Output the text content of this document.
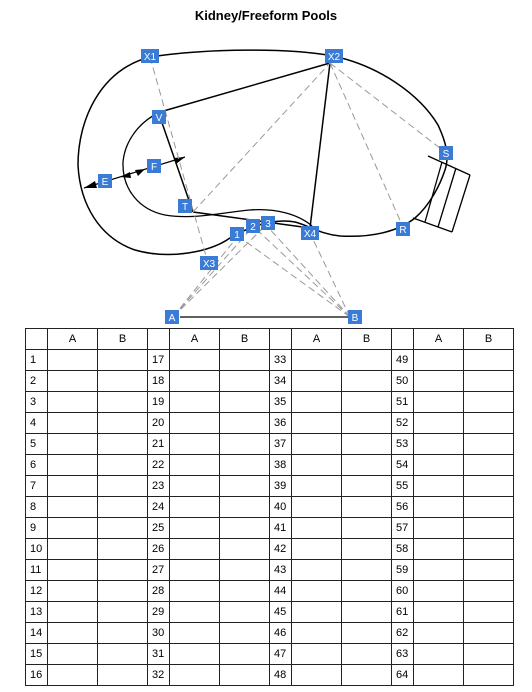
Kidney/Freeform Pools
X1	X2
V
F
E
T
S
R
X4
3
2
1
X3
A	B
	A	B		A	B		A	B		A	B
1			17			33			49		
2			18			34			50		
3			19			35			51		
4			20			36			52		
5			21			37			53		
6			22			38			54		
7			23			39			55		
8			24			40			56		
9			25			41			57		
10			26			42			58		
11			27			43			59		
12			28			44			60		
13			29			45			61		
14			30			46			62		
15			31			47			63		
16			32			48			64		
